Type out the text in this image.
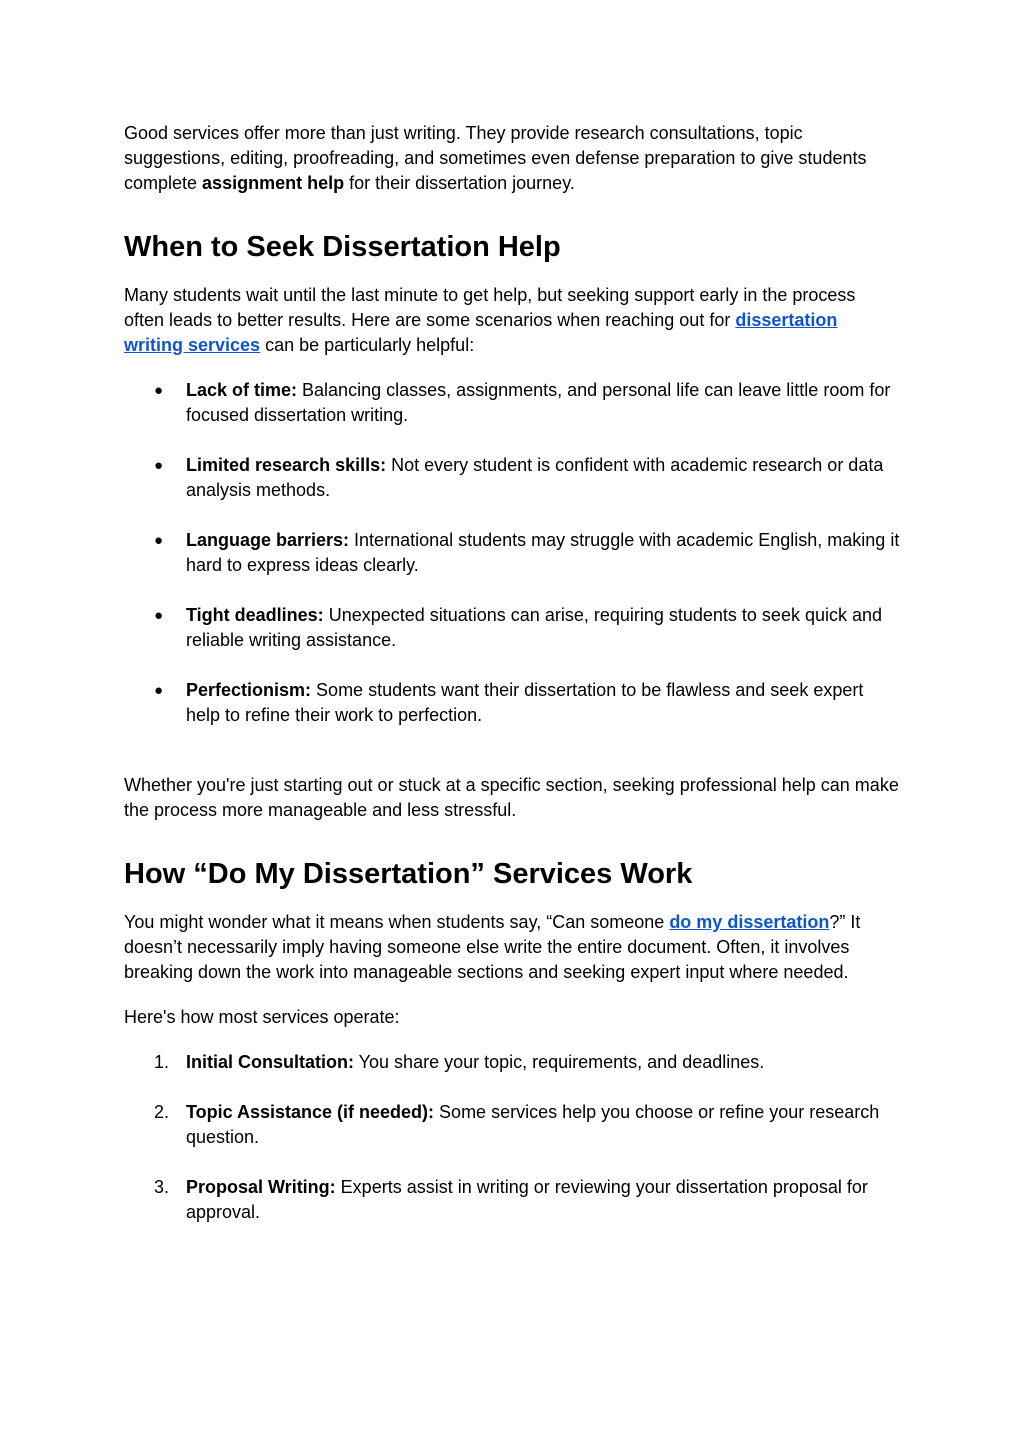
Good services offer more than just writing. They provide research consultations, topic suggestions, editing, proofreading, and sometimes even defense preparation to give students complete assignment help for their dissertation journey.

When to Seek Dissertation Help

Many students wait until the last minute to get help, but seeking support early in the process often leads to better results. Here are some scenarios when reaching out for dissertation writing services can be particularly helpful:

● Lack of time: Balancing classes, assignments, and personal life can leave little room for focused dissertation writing.
● Limited research skills: Not every student is confident with academic research or data analysis methods.
● Language barriers: International students may struggle with academic English, making it hard to express ideas clearly.
● Tight deadlines: Unexpected situations can arise, requiring students to seek quick and reliable writing assistance.
● Perfectionism: Some students want their dissertation to be flawless and seek expert help to refine their work to perfection.

Whether you're just starting out or stuck at a specific section, seeking professional help can make the process more manageable and less stressful.

How “Do My Dissertation” Services Work

You might wonder what it means when students say, “Can someone do my dissertation?” It doesn’t necessarily imply having someone else write the entire document. Often, it involves breaking down the work into manageable sections and seeking expert input where needed.

Here's how most services operate:

1. Initial Consultation: You share your topic, requirements, and deadlines.
2. Topic Assistance (if needed): Some services help you choose or refine your research question.
3. Proposal Writing: Experts assist in writing or reviewing your dissertation proposal for approval.
